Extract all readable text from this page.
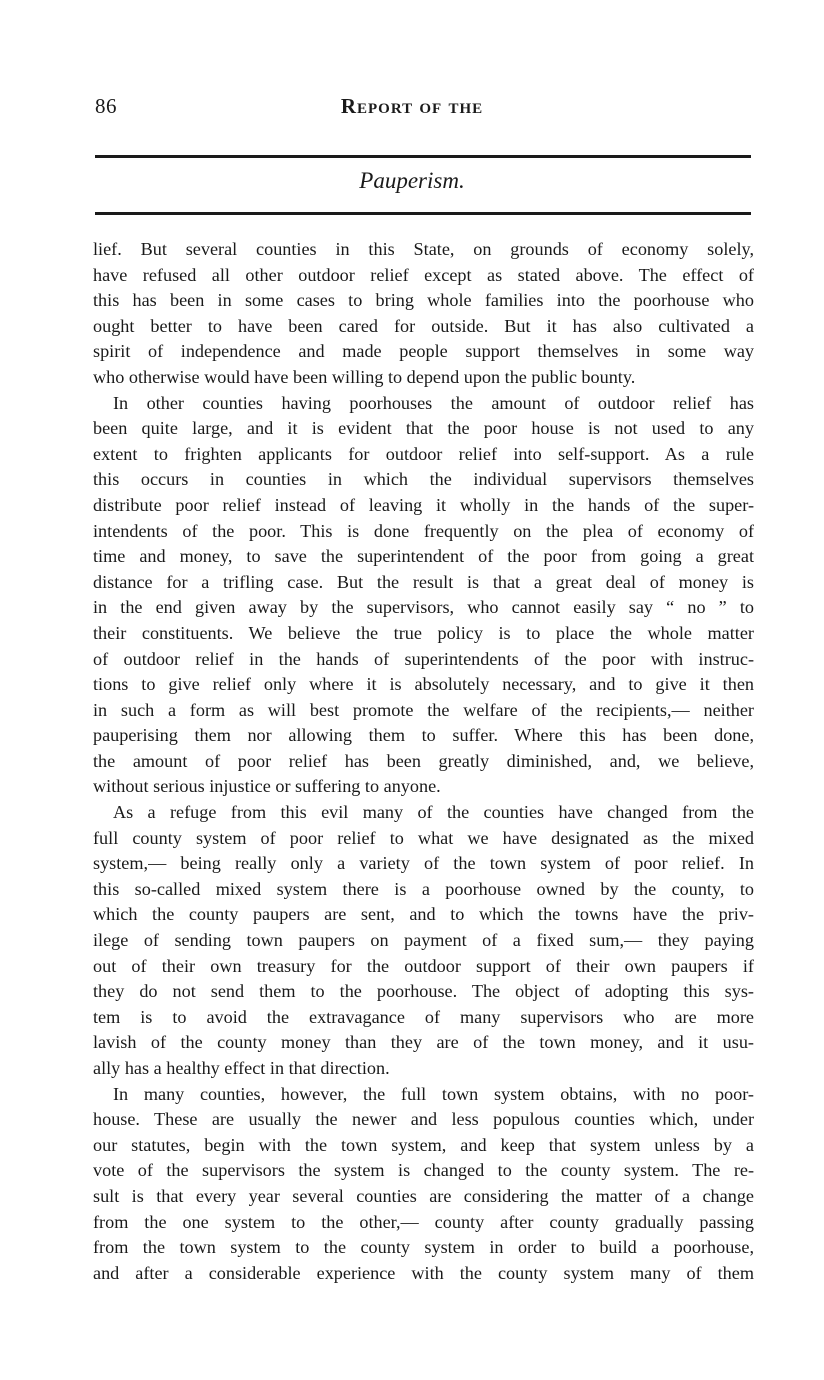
86	Report of the
Pauperism.
lief. But several counties in this State, on grounds of economy solely,
have refused all other outdoor relief except as stated above. The effect of
this has been in some cases to bring whole families into the poorhouse who
ought better to have been cared for outside. But it has also cultivated a
spirit of independence and made people support themselves in some way
who otherwise would have been willing to depend upon the public bounty.
In other counties having poorhouses the amount of outdoor relief has
been quite large, and it is evident that the poor house is not used to any
extent to frighten applicants for outdoor relief into self-support. As a rule
this occurs in counties in which the individual supervisors themselves
distribute poor relief instead of leaving it wholly in the hands of the super-
intendents of the poor. This is done frequently on the plea of economy of
time and money, to save the superintendent of the poor from going a great
distance for a trifling case. But the result is that a great deal of money is
in the end given away by the supervisors, who cannot easily say “ no ” to
their constituents. We believe the true policy is to place the whole matter
of outdoor relief in the hands of superintendents of the poor with instruc-
tions to give relief only where it is absolutely necessary, and to give it then
in such a form as will best promote the welfare of the recipients,— neither
pauperising them nor allowing them to suffer. Where this has been done,
the amount of poor relief has been greatly diminished, and, we believe,
without serious injustice or suffering to anyone.
As a refuge from this evil many of the counties have changed from the
full county system of poor relief to what we have designated as the mixed
system,— being really only a variety of the town system of poor relief. In
this so-called mixed system there is a poorhouse owned by the county, to
which the county paupers are sent, and to which the towns have the priv-
ilege of sending town paupers on payment of a fixed sum,— they paying
out of their own treasury for the outdoor support of their own paupers if
they do not send them to the poorhouse. The object of adopting this sys-
tem is to avoid the extravagance of many supervisors who are more
lavish of the county money than they are of the town money, and it usu-
ally has a healthy effect in that direction.
In many counties, however, the full town system obtains, with no poor-
house. These are usually the newer and less populous counties which, under
our statutes, begin with the town system, and keep that system unless by a
vote of the supervisors the system is changed to the county system. The re-
sult is that every year several counties are considering the matter of a change
from the one system to the other,— county after county gradually passing
from the town system to the county system in order to build a poorhouse,
and after a considerable experience with the county system many of them
